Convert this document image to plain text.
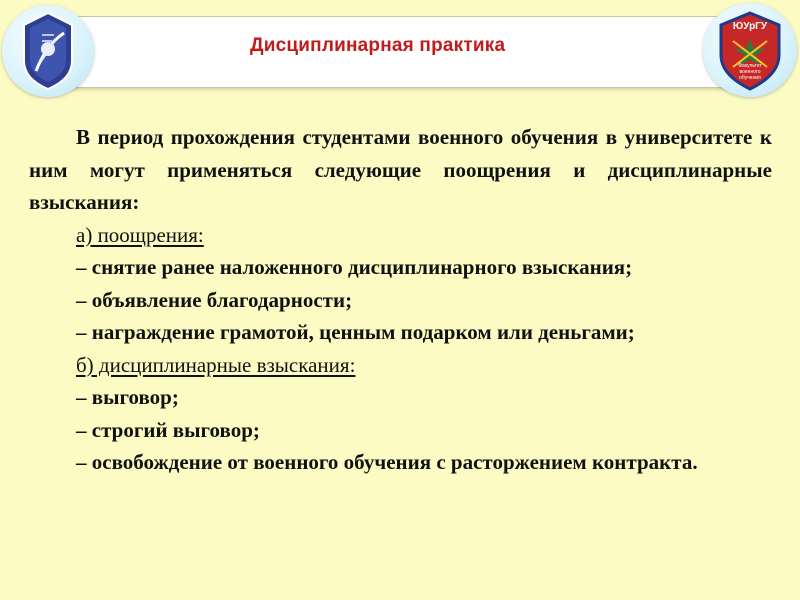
Дисциплинарная практика
ЮУрГУ
Факультет военного обучения

В период прохождения студентами военного обучения в университете к ним могут применяться следующие поощрения и дисциплинарные взыскания:

а) поощрения:

– снятие ранее наложенного дисциплинарного взыскания;

– объявление благодарности;

– награждение грамотой, ценным подарком или деньгами;

б) дисциплинарные взыскания:

– выговор;

– строгий выговор;

– освобождение от военного обучения с расторжением контракта.
